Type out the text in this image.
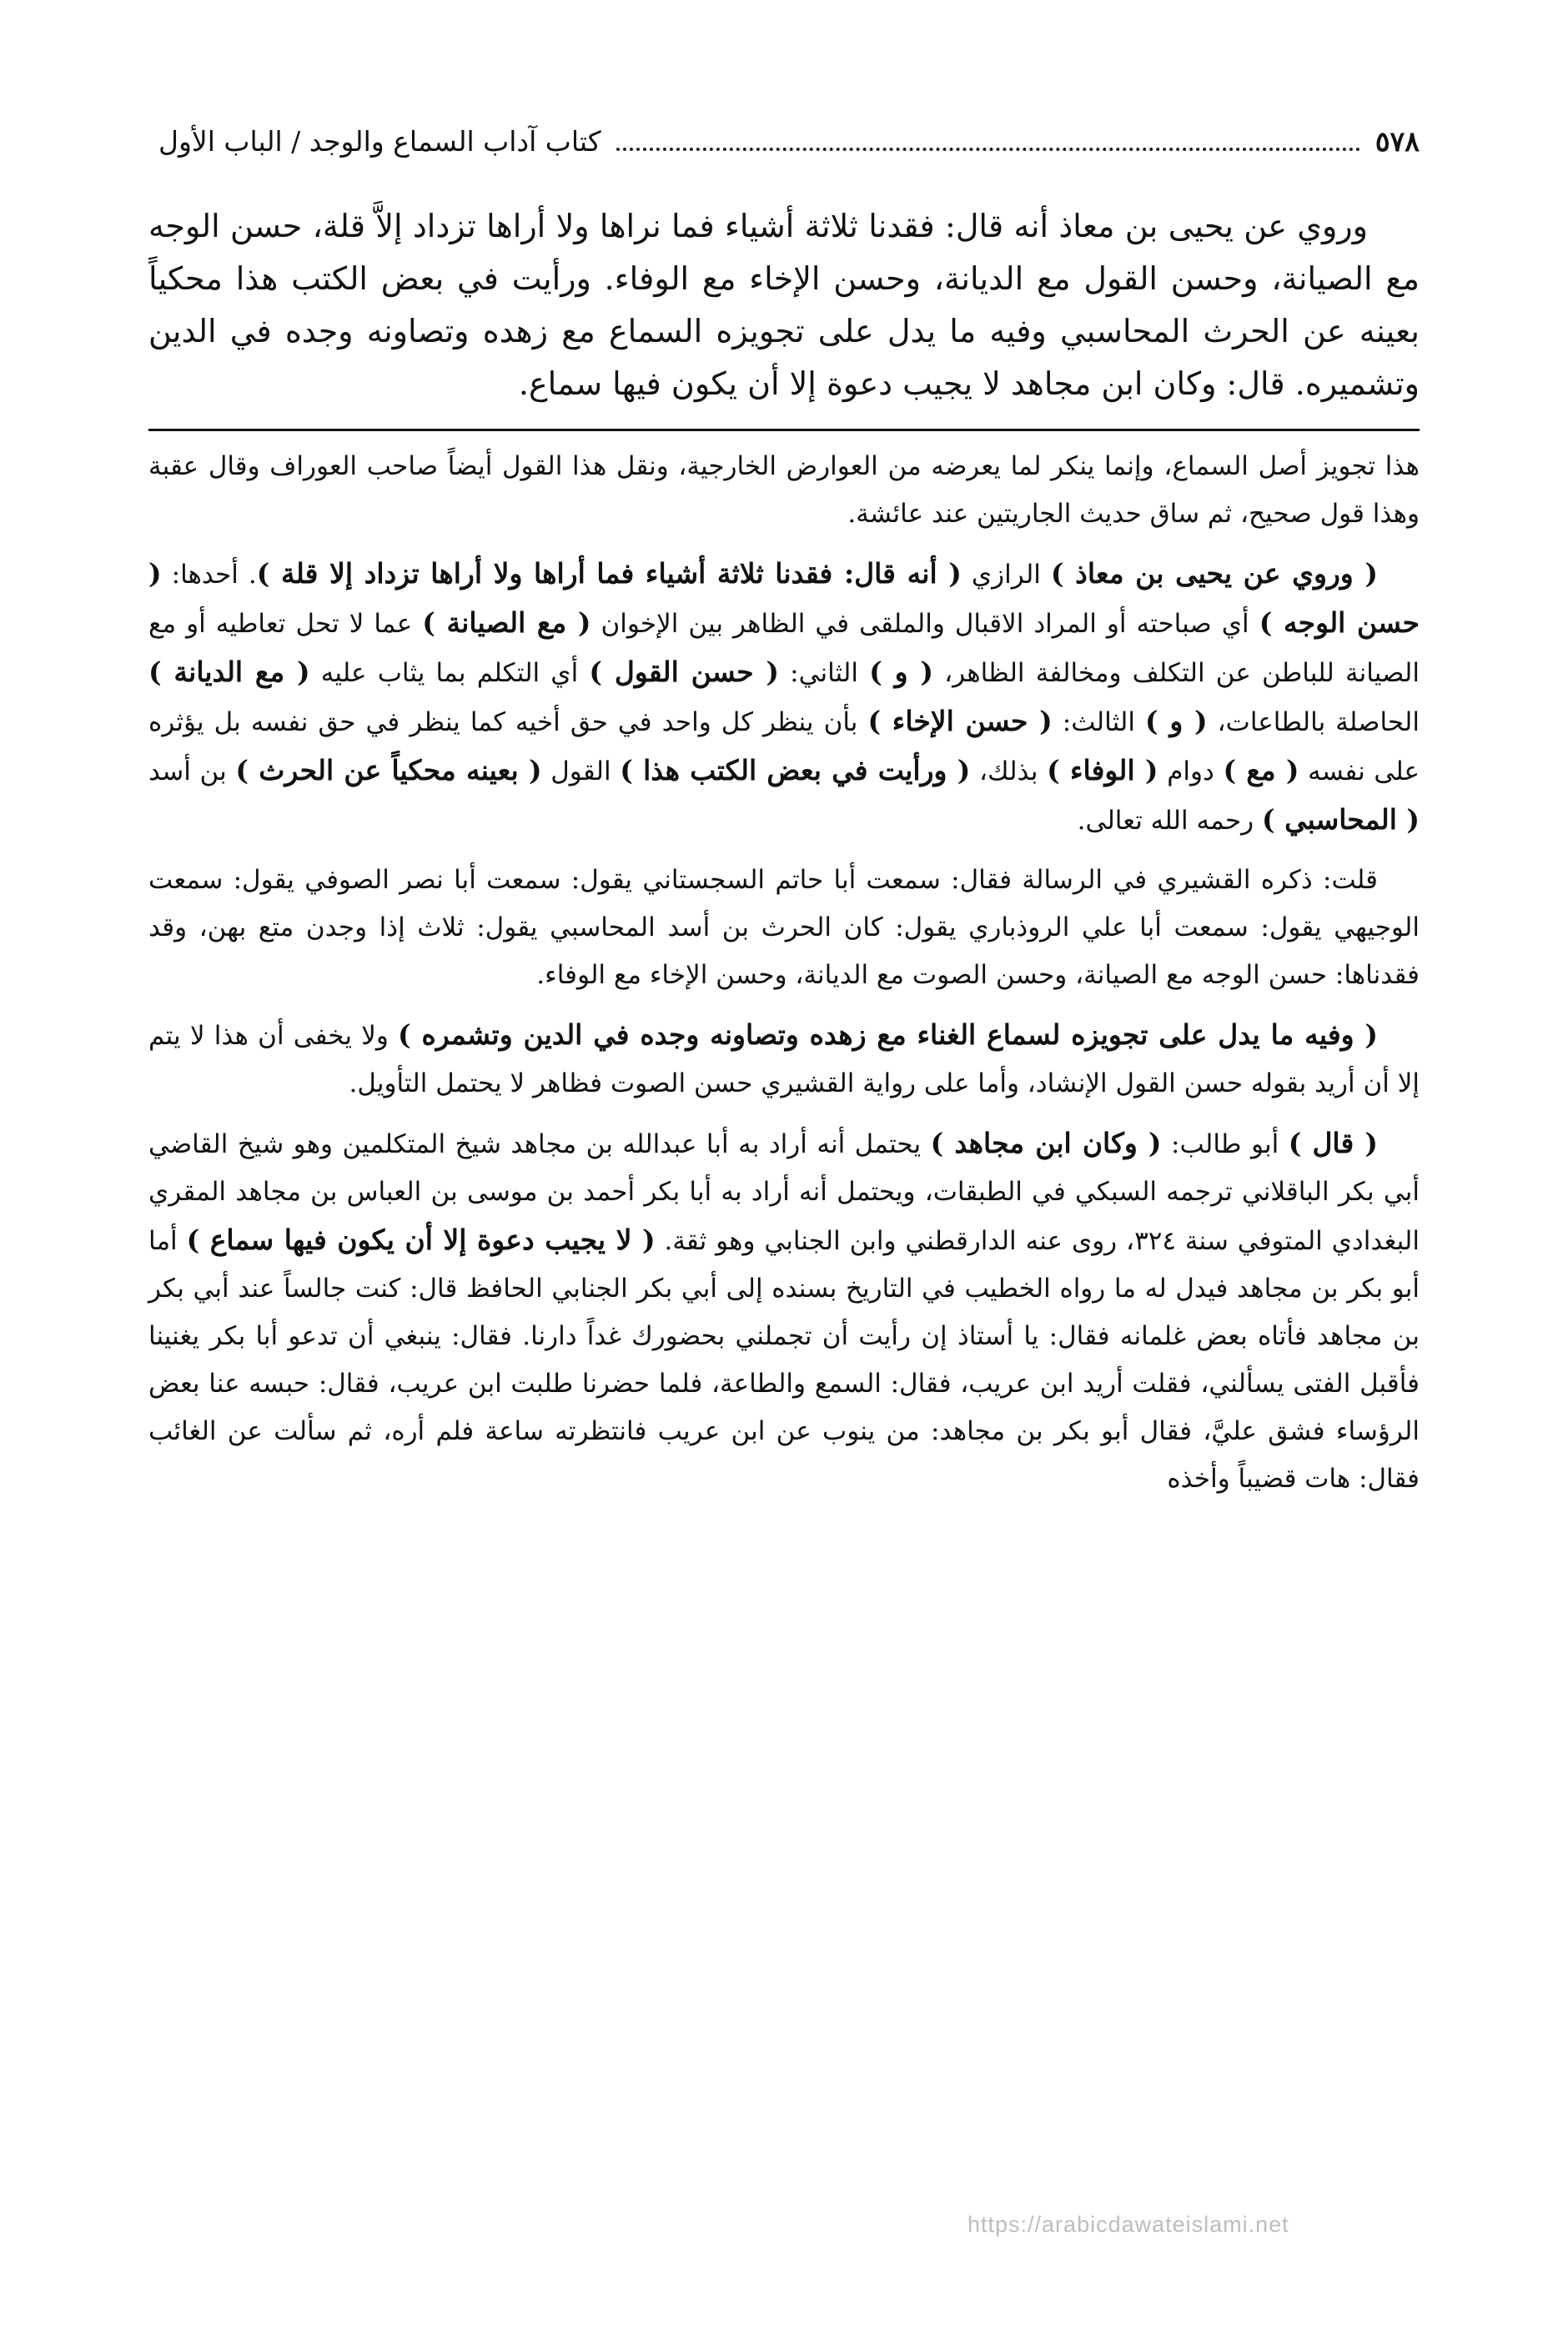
٥٧٨
كتاب آداب السماع والوجد / الباب الأول

وروي عن يحيى بن معاذ أنه قال: فقدنا ثلاثة أشياء فما نراها ولا أراها تزداد إلاَّ قلة، حسن الوجه مع الصيانة، وحسن القول مع الديانة، وحسن الإخاء مع الوفاء. ورأيت في بعض الكتب هذا محكياً بعينه عن الحرث المحاسبي وفيه ما يدل على تجويزه السماع مع زهده وتصاونه وجده في الدين وتشميره. قال: وكان ابن مجاهد لا يجيب دعوة إلا أن يكون فيها سماع.

هذا تجويز أصل السماع، وإنما ينكر لما يعرضه من العوارض الخارجية، ونقل هذا القول أيضاً صاحب العوراف وقال عقبة وهذا قول صحيح، ثم ساق حديث الجاريتين عند عائشة.

( وروي عن يحيى بن معاذ ) الرازي ( أنه قال: فقدنا ثلاثة أشياء فما أراها ولا أراها تزداد إلا قلة ). أحدها: ( حسن الوجه ) أي صباحته أو المراد الاقبال والملقى في الظاهر بين الإخوان ( مع الصيانة ) عما لا تحل تعاطيه أو مع الصيانة للباطن عن التكلف ومخالفة الظاهر، ( و ) الثاني: ( حسن القول ) أي التكلم بما يثاب عليه ( مع الديانة ) الحاصلة بالطاعات، ( و ) الثالث: ( حسن الإخاء ) بأن ينظر كل واحد في حق أخيه كما ينظر في حق نفسه بل يؤثره على نفسه ( مع ) دوام ( الوفاء ) بذلك، ( ورأيت في بعض الكتب هذا ) القول ( بعينه محكياً عن الحرث ) بن أسد ( المحاسبي ) رحمه الله تعالى.

قلت: ذكره القشيري في الرسالة فقال: سمعت أبا حاتم السجستاني يقول: سمعت أبا نصر الصوفي يقول: سمعت الوجيهي يقول: سمعت أبا علي الروذباري يقول: كان الحرث بن أسد المحاسبي يقول: ثلاث إذا وجدن متع بهن، وقد فقدناها: حسن الوجه مع الصيانة، وحسن الصوت مع الديانة، وحسن الإخاء مع الوفاء.

( وفيه ما يدل على تجويزه لسماع الغناء مع زهده وتصاونه وجده في الدين وتشمره ) ولا يخفى أن هذا لا يتم إلا أن أريد بقوله حسن القول الإنشاد، وأما على رواية القشيري حسن الصوت فظاهر لا يحتمل التأويل.

( قال ) أبو طالب: ( وكان ابن مجاهد ) يحتمل أنه أراد به أبا عبدالله بن مجاهد شيخ المتكلمين وهو شيخ القاضي أبي بكر الباقلاني ترجمه السبكي في الطبقات، ويحتمل أنه أراد به أبا بكر أحمد بن موسى بن العباس بن مجاهد المقري البغدادي المتوفي سنة ٣٢٤، روى عنه الدارقطني وابن الجنابي وهو ثقة. ( لا يجيب دعوة إلا أن يكون فيها سماع ) أما أبو بكر بن مجاهد فيدل له ما رواه الخطيب في التاريخ بسنده إلى أبي بكر الجنابي الحافظ قال: كنت جالساً عند أبي بكر بن مجاهد فأتاه بعض غلمانه فقال: يا أستاذ إن رأيت أن تجملني بحضورك غداً دارنا. فقال: ينبغي أن تدعو أبا بكر يغنينا فأقبل الفتى يسألني، فقلت أريد ابن عريب، فقال: السمع والطاعة، فلما حضرنا طلبت ابن عريب، فقال: حبسه عنا بعض الرؤساء فشق عليَّ، فقال أبو بكر بن مجاهد: من ينوب عن ابن عريب فانتظرته ساعة فلم أره، ثم سألت عن الغائب فقال: هات قضيباً وأخذه

https://arabicdawateislami.net
